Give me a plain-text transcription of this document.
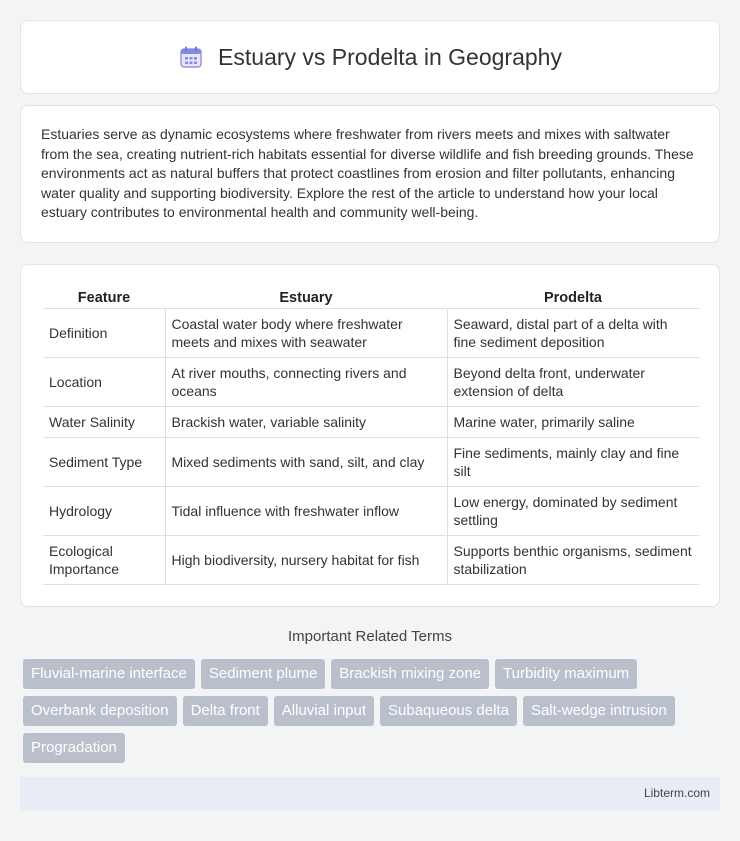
Estuary vs Prodelta in Geography

Estuaries serve as dynamic ecosystems where freshwater from rivers meets and mixes with saltwater from the sea, creating nutrient-rich habitats essential for diverse wildlife and fish breeding grounds. These environments act as natural buffers that protect coastlines from erosion and filter pollutants, enhancing water quality and supporting biodiversity. Explore the rest of the article to understand how your local estuary contributes to environmental health and community well-being.

Feature	Estuary	Prodelta
Definition	Coastal water body where freshwater meets and mixes with seawater	Seaward, distal part of a delta with fine sediment deposition
Location	At river mouths, connecting rivers and oceans	Beyond delta front, underwater extension of delta
Water Salinity	Brackish water, variable salinity	Marine water, primarily saline
Sediment Type	Mixed sediments with sand, silt, and clay	Fine sediments, mainly clay and fine silt
Hydrology	Tidal influence with freshwater inflow	Low energy, dominated by sediment settling
Ecological Importance	High biodiversity, nursery habitat for fish	Supports benthic organisms, sediment stabilization
Important Related Terms
Fluvial-marine interface	Sediment plume	Brackish mixing zone	Turbidity maximum
Overbank deposition	Delta front	Alluvial input	Subaqueous delta	Salt-wedge intrusion
Progradation
Libterm.com
